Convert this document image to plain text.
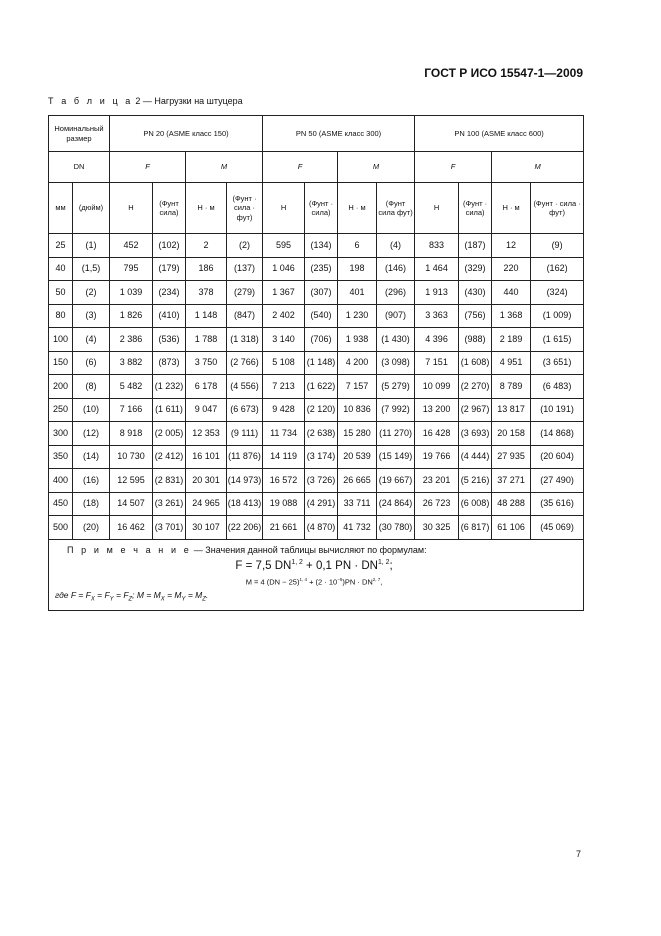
ГОСТ Р ИСО 15547-1—2009
Т а б л и ц а 2 — Нагрузки на штуцера
Номинальный размер		PN 20 (ASME класс 150)				PN 50 (ASME класс 300)				PN 100 (ASME класс 600)			
DN		F		M		F		M		F		M	
мм	(дюйм)	Н	(Фунт сила)	Н · м	(Фунт · сила · фут)	Н	(Фунт · сила)	Н · м	(Фунт сила фут)	Н	(Фунт · сила)	Н · м	(Фунт · сила · фут)
25	(1)	452	(102)	2	(2)	595	(134)	6	(4)	833	(187)	12	(9)
40	(1,5)	795	(179)	186	(137)	1 046	(235)	198	(146)	1 464	(329)	220	(162)
50	(2)	1 039	(234)	378	(279)	1 367	(307)	401	(296)	1 913	(430)	440	(324)
80	(3)	1 826	(410)	1 148	(847)	2 402	(540)	1 230	(907)	3 363	(756)	1 368	(1 009)
100	(4)	2 386	(536)	1 788	(1 318)	3 140	(706)	1 938	(1 430)	4 396	(988)	2 189	(1 615)
150	(6)	3 882	(873)	3 750	(2 766)	5 108	(1 148)	4 200	(3 098)	7 151	(1 608)	4 951	(3 651)
200	(8)	5 482	(1 232)	6 178	(4 556)	7 213	(1 622)	7 157	(5 279)	10 099	(2 270)	8 789	(6 483)
250	(10)	7 166	(1 611)	9 047	(6 673)	9 428	(2 120)	10 836	(7 992)	13 200	(2 967)	13 817	(10 191)
300	(12)	8 918	(2 005)	12 353	(9 111)	11 734	(2 638)	15 280	(11 270)	16 428	(3 693)	20 158	(14 868)
350	(14)	10 730	(2 412)	16 101	(11 876)	14 119	(3 174)	20 539	(15 149)	19 766	(4 444)	27 935	(20 604)
400	(16)	12 595	(2 831)	20 301	(14 973)	16 572	(3 726)	26 665	(19 667)	23 201	(5 216)	37 271	(27 490)
450	(18)	14 507	(3 261)	24 965	(18 413)	19 088	(4 291)	33 711	(24 864)	26 723	(6 008)	48 288	(35 616)
500	(20)	16 462	(3 701)	30 107	(22 206)	21 661	(4 870)	41 732	(30 780)	30 325	(6 817)	61 106	(45 069)

П р и м е ч а н и е — Значения данной таблицы вычисляют по формулам:
F = 7,5 DN$^{1, 2}$ + 0,1 PN · DN$^{1, 2}$;
M = 4 $(DN - 25)^{1, 4} + (2 \cdot 10^{-5})PN \cdot DN^{2, 7}$,
где $F = F_X = F_Y = F_Z$; $M = M_X = M_Y = M_Z$.													
7
